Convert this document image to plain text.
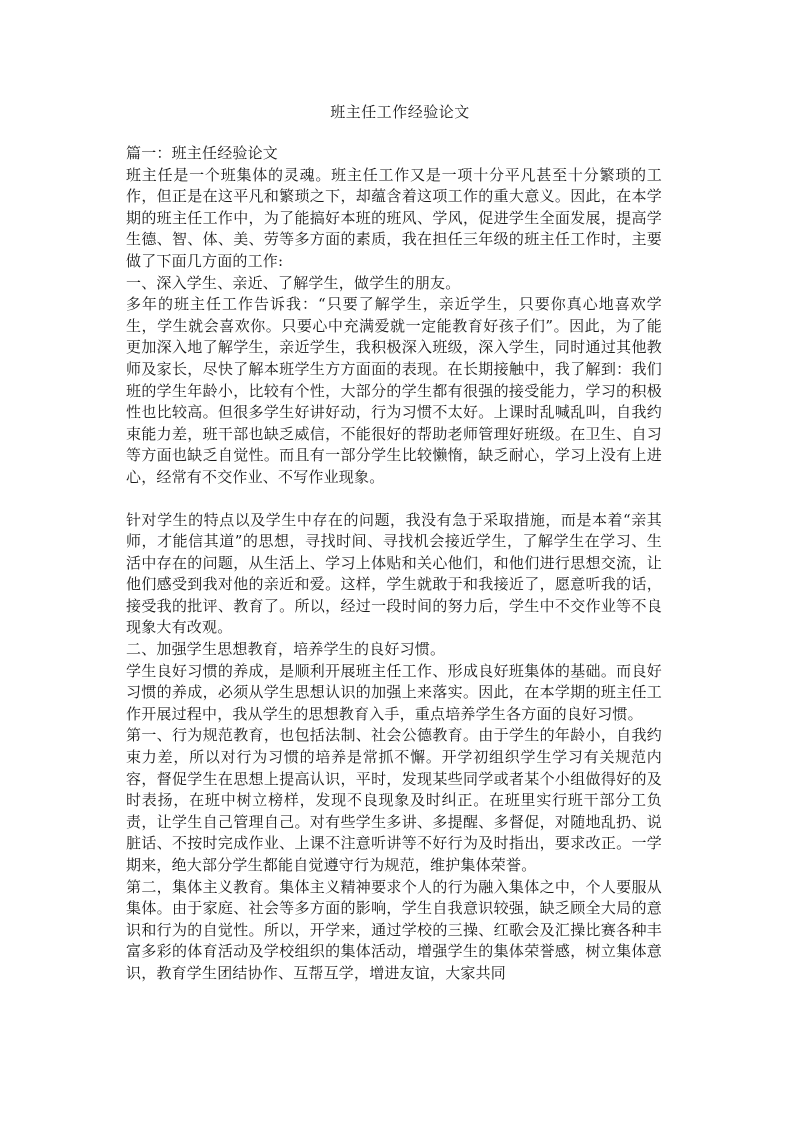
班主任工作经验论文

篇一：班主任经验论文

班主任是一个班集体的灵魂。班主任工作又是一项十分平凡甚至十分繁琐的工作，但正是在这平凡和繁琐之下，却蕴含着这项工作的重大意义。因此，在本学期的班主任工作中，为了能搞好本班的班风、学风，促进学生全面发展，提高学生德、智、体、美、劳等多方面的素质，我在担任三年级的班主任工作时，主要做了下面几方面的工作:

一、深入学生、亲近、了解学生，做学生的朋友。

多年的班主任工作告诉我：“只要了解学生，亲近学生，只要你真心地喜欢学生，学生就会喜欢你。只要心中充满爱就一定能教育好孩子们”。因此，为了能更加深入地了解学生，亲近学生，我积极深入班级，深入学生，同时通过其他教师及家长，尽快了解本班学生方方面面的表现。在长期接触中，我了解到：我们班的学生年龄小，比较有个性，大部分的学生都有很强的接受能力，学习的积极性也比较高。但很多学生好讲好动，行为习惯不太好。上课时乱喊乱叫，自我约束能力差，班干部也缺乏威信，不能很好的帮助老师管理好班级。在卫生、自习等方面也缺乏自觉性。而且有一部分学生比较懒惰，缺乏耐心，学习上没有上进心，经常有不交作业、不写作业现象。

针对学生的特点以及学生中存在的问题，我没有急于采取措施，而是本着“亲其师，才能信其道”的思想，寻找时间、寻找机会接近学生，了解学生在学习、生活中存在的问题，从生活上、学习上体贴和关心他们，和他们进行思想交流，让他们感受到我对他的亲近和爱。这样，学生就敢于和我接近了，愿意听我的话，接受我的批评、教育了。所以，经过一段时间的努力后，学生中不交作业等不良现象大有改观。

二、加强学生思想教育，培养学生的良好习惯。

学生良好习惯的养成，是顺利开展班主任工作、形成良好班集体的基础。而良好习惯的养成，必须从学生思想认识的加强上来落实。因此，在本学期的班主任工作开展过程中，我从学生的思想教育入手，重点培养学生各方面的良好习惯。

第一、行为规范教育，也包括法制、社会公德教育。由于学生的年龄小，自我约束力差，所以对行为习惯的培养是常抓不懈。开学初组织学生学习有关规范内容，督促学生在思想上提高认识，平时，发现某些同学或者某个小组做得好的及时表扬，在班中树立榜样，发现不良现象及时纠正。在班里实行班干部分工负责，让学生自己管理自己。对有些学生多讲、多提醒、多督促，对随地乱扔、说脏话、不按时完成作业、上课不注意听讲等不好行为及时指出，要求改正。一学期来，绝大部分学生都能自觉遵守行为规范，维护集体荣誉。

第二，集体主义教育。集体主义精神要求个人的行为融入集体之中，个人要服从集体。由于家庭、社会等多方面的影响，学生自我意识较强，缺乏顾全大局的意识和行为的自觉性。所以，开学来，通过学校的三操、红歌会及汇操比赛各种丰富多彩的体育活动及学校组织的集体活动，增强学生的集体荣誉感，树立集体意识，教育学生团结协作、互帮互学，增进友谊，大家共同
